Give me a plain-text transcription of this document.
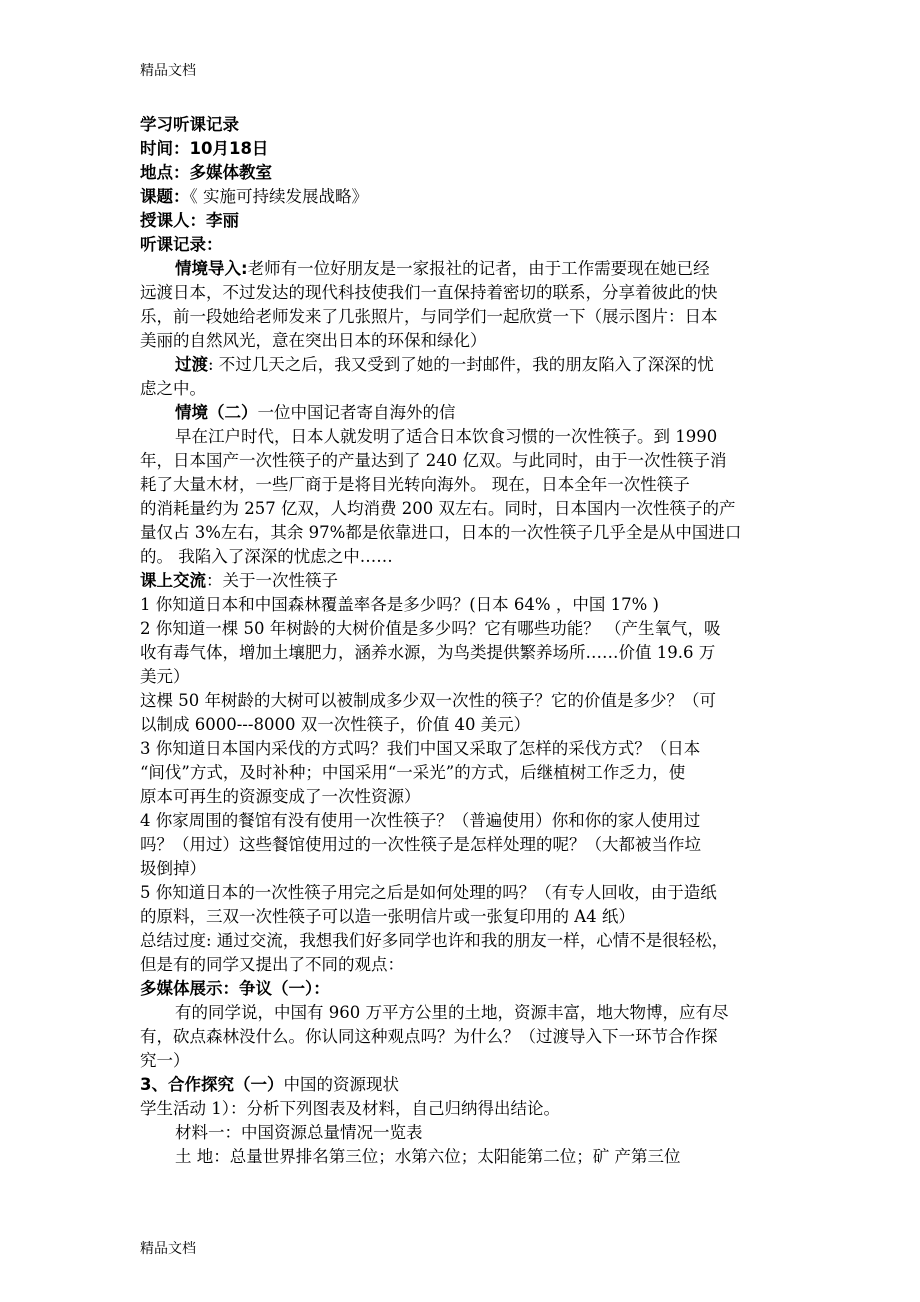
精品文档
学习听课记录
时间：10月18日
地点：多媒体教室
课题：《 实施可持续发展战略》
授课人：李丽
听课记录：
情境导入:老师有一位好朋友是一家报社的记者，由于工作需要现在她已经
远渡日本，不过发达的现代科技使我们一直保持着密切的联系，分享着彼此的快
乐，前一段她给老师发来了几张照片，与同学们一起欣赏一下（展示图片：日本
美丽的自然风光，意在突出日本的环保和绿化）
过渡: 不过几天之后，我又受到了她的一封邮件，我的朋友陷入了深深的忧
虑之中。
情境（二）一位中国记者寄自海外的信
早在江户时代，日本人就发明了适合日本饮食习惯的一次性筷子。到 1990
年，日本国产一次性筷子的产量达到了 240 亿双。与此同时，由于一次性筷子消
耗了大量木材，一些厂商于是将目光转向海外。 现在，日本全年一次性筷子
的消耗量约为 257 亿双，人均消费 200 双左右。同时，日本国内一次性筷子的产
量仅占 3%左右，其余 97%都是依靠进口，日本的一次性筷子几乎全是从中国进口
的。 我陷入了深深的忧虑之中……
课上交流：关于一次性筷子
1 你知道日本和中国森林覆盖率各是多少吗？(日本 64% ，中国 17% )
2 你知道一棵 50 年树龄的大树价值是多少吗？它有哪些功能？ （产生氧气，吸
收有毒气体，增加土壤肥力，涵养水源，为鸟类提供繁养场所……价值 19.6 万
美元）
这棵 50 年树龄的大树可以被制成多少双一次性的筷子？它的价值是多少？（可
以制成 6000---8000 双一次性筷子，价值 40 美元）
3 你知道日本国内采伐的方式吗？我们中国又采取了怎样的采伐方式？（日本
“间伐”方式，及时补种；中国采用“一采光”的方式，后继植树工作乏力，使
原本可再生的资源变成了一次性资源）
4 你家周围的餐馆有没有使用一次性筷子？（普遍使用）你和你的家人使用过
吗？（用过）这些餐馆使用过的一次性筷子是怎样处理的呢？（大都被当作垃
圾倒掉）
5 你知道日本的一次性筷子用完之后是如何处理的吗？（有专人回收，由于造纸
的原料，三双一次性筷子可以造一张明信片或一张复印用的 A4 纸）
总结过度: 通过交流，我想我们好多同学也许和我的朋友一样，心情不是很轻松，
但是有的同学又提出了不同的观点：
多媒体展示：争议（一）：
有的同学说，中国有 960 万平方公里的土地，资源丰富，地大物博，应有尽
有，砍点森林没什么。你认同这种观点吗？为什么？（过渡导入下一环节合作探
究一）
3、合作探究（一）中国的资源现状
学生活动 1）：分析下列图表及材料，自己归纳得出结论。
材料一：中国资源总量情况一览表
土 地：总量世界排名第三位；水第六位；太阳能第二位；矿 产第三位
精品文档
